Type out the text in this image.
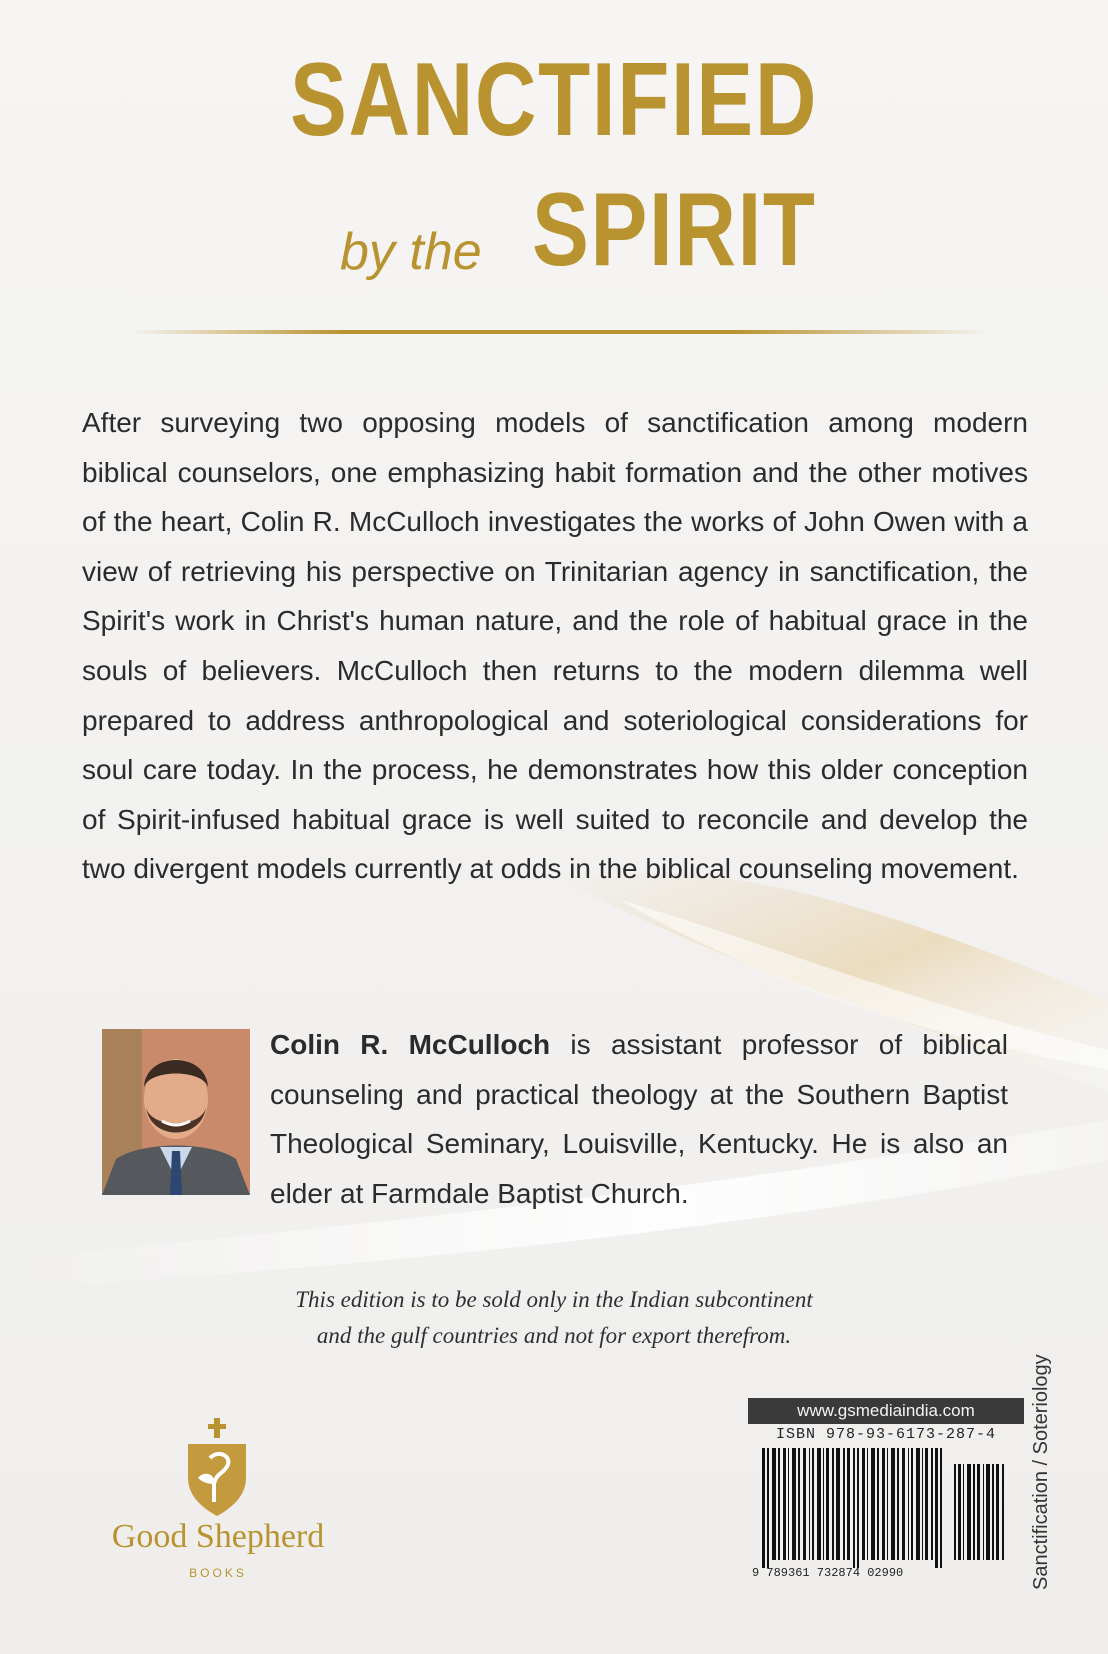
SANCTIFIED
by the SPIRIT

After surveying two opposing models of sanctification among modern biblical counselors, one emphasizing habit formation and the other motives of the heart, Colin R. McCulloch investigates the works of John Owen with a view of retrieving his perspective on Trinitarian agency in sanctification, the Spirit's work in Christ's human nature, and the role of habitual grace in the souls of believers. McCulloch then returns to the modern dilemma well prepared to address anthropological and soteriological considerations for soul care today. In the process, he demonstrates how this older conception of Spirit-infused habitual grace is well suited to reconcile and develop the two divergent models currently at odds in the biblical counseling movement.

Colin R. McCulloch is assistant professor of biblical counseling and practical theology at the Southern Baptist Theological Seminary, Louisville, Kentucky. He is also an elder at Farmdale Baptist Church.

This edition is to be sold only in the Indian subcontinent
and the gulf countries and not for export therefrom.
Good Shepherd
BOOKS
www.gsmediaindia.com
ISBN 978-93-6173-287-4
9 789361 732874 02990	Sanctification / Soteriology
